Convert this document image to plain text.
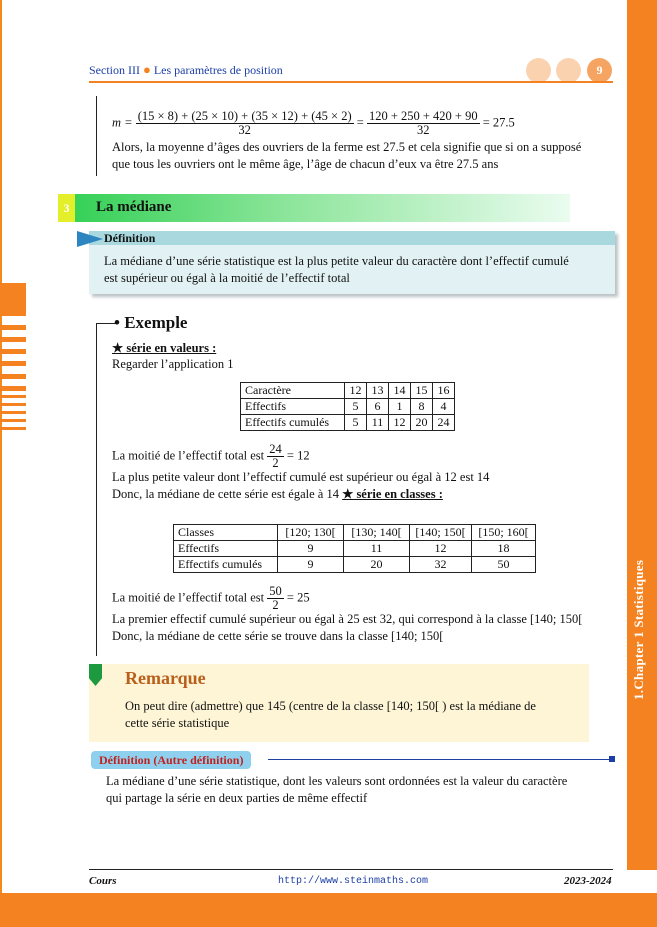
1.Chapter 1 Statistiques
Section III ● Les paramètres de position	9
$m = \frac{(15 \times 8) + (25 \times 10) + (35 \times 12) + (45 \times 2)}{32} = \frac{120 + 250 + 420 + 90}{32} = 27.5$
Alors, la moyenne d’âges des ouvriers de la ferme est 27.5 et cela signifie que si on a supposé
que tous les ouvriers ont le même âge, l’âge de chacun d’eux va être 27.5 ans
3	La médiane
Définition
La médiane d’une série statistique est la plus petite valeur du caractère dont l’effectif cumulé
est supérieur ou égal à la moitié de l’effectif total
• Exemple
★ série en valeurs :
Regarder l’application 1
Caractère	12	13	14	15	16
Effectifs	5	6	1	8	4
Effectifs cumulés	5	11	12	20	24
La moitié de l’effectif total est $\frac{24}{2} = 12$
La plus petite valeur dont l’effectif cumulé est supérieur ou égal à 12 est 14
Donc, la médiane de cette série est égale à 14 ★ série en classes :
Classes	[120; 130[	[130; 140[	[140; 150[	[150; 160[
Effectifs	9	11	12	18
Effectifs cumulés	9	20	32	50
La moitié de l’effectif total est $\frac{50}{2} = 25$
La premier effectif cumulé supérieur ou égal à 25 est 32, qui correspond à la classe [140; 150[
Donc, la médiane de cette série se trouve dans la classe [140; 150[
Remarque
On peut dire (admettre) que 145 (centre de la classe [140; 150[ ) est la médiane de
cette série statistique
Définition (Autre définition)
La médiane d’une série statistique, dont les valeurs sont ordonnées est la valeur du caractère
qui partage la série en deux parties de même effectif
Cours	http://www.steinmaths.com	2023-2024
